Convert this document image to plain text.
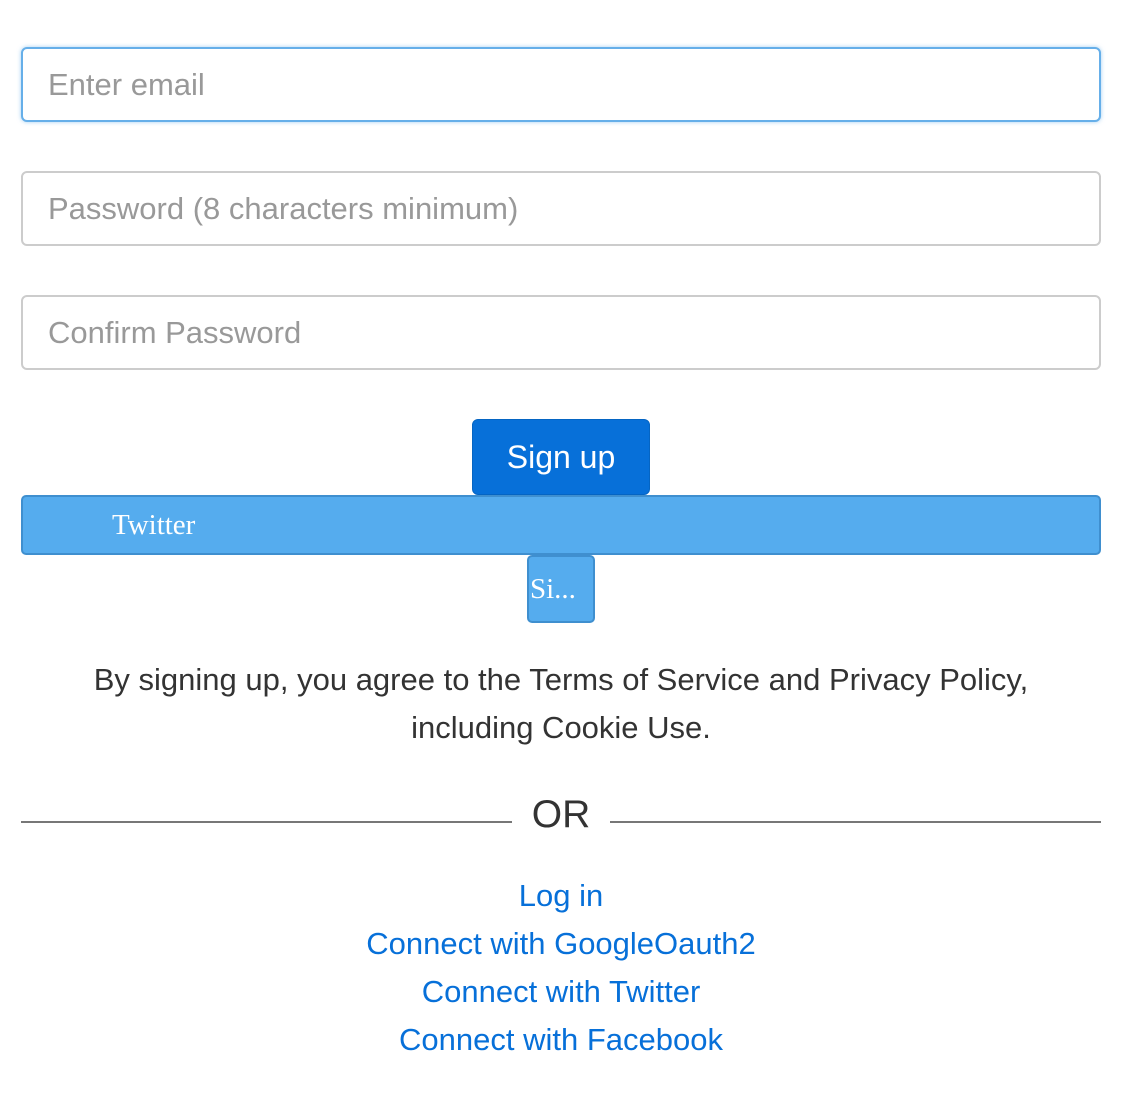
Enter email
Sign up
Twitter
Si...
By signing up, you agree to the Terms of Service and Privacy Policy,
including Cookie Use.
OR
Log in
Connect with GoogleOauth2
Connect with Twitter
Connect with Facebook
